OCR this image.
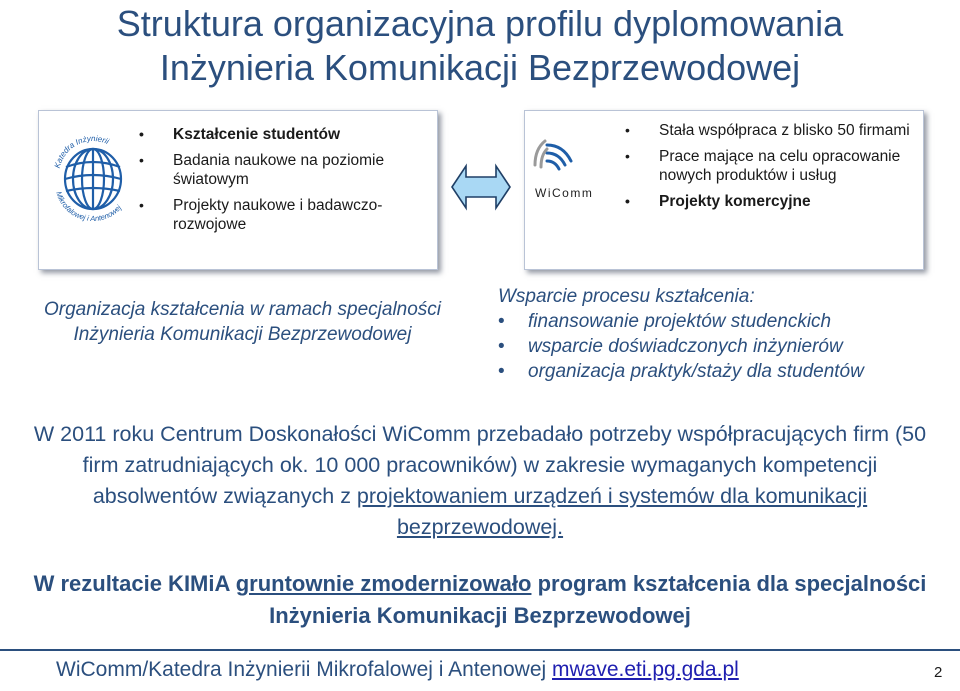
Struktura organizacyjna profilu dyplomowania
Inżynieria Komunikacji Bezprzewodowej
Katedra Inżynierii
Mikrofalowej i Antenowej
• Kształcenie studentów
• Badania naukowe na poziomie światowym
• Projekty naukowe i badawczo-rozwojowe
WiComm
• Stała współpraca z blisko 50 firmami
• Prace mające na celu opracowanie nowych produktów i usług
• Projekty komercyjne
Organizacja kształcenia w ramach specjalności Inżynieria Komunikacji Bezprzewodowej
Wsparcie procesu kształcenia:
• finansowanie projektów studenckich
• wsparcie doświadczonych inżynierów
• organizacja praktyk/staży dla studentów
W 2011 roku Centrum Doskonałości WiComm przebadało potrzeby współpracujących firm (50 firm zatrudniających ok. 10 000 pracowników) w zakresie wymaganych kompetencji absolwentów związanych z projektowaniem urządzeń i systemów dla komunikacji bezprzewodowej.
W rezultacie KIMiA gruntownie zmodernizowało program kształcenia dla specjalności Inżynieria Komunikacji Bezprzewodowej
WiComm/Katedra Inżynierii Mikrofalowej i Antenowej mwave.eti.pg.gda.pl	2
